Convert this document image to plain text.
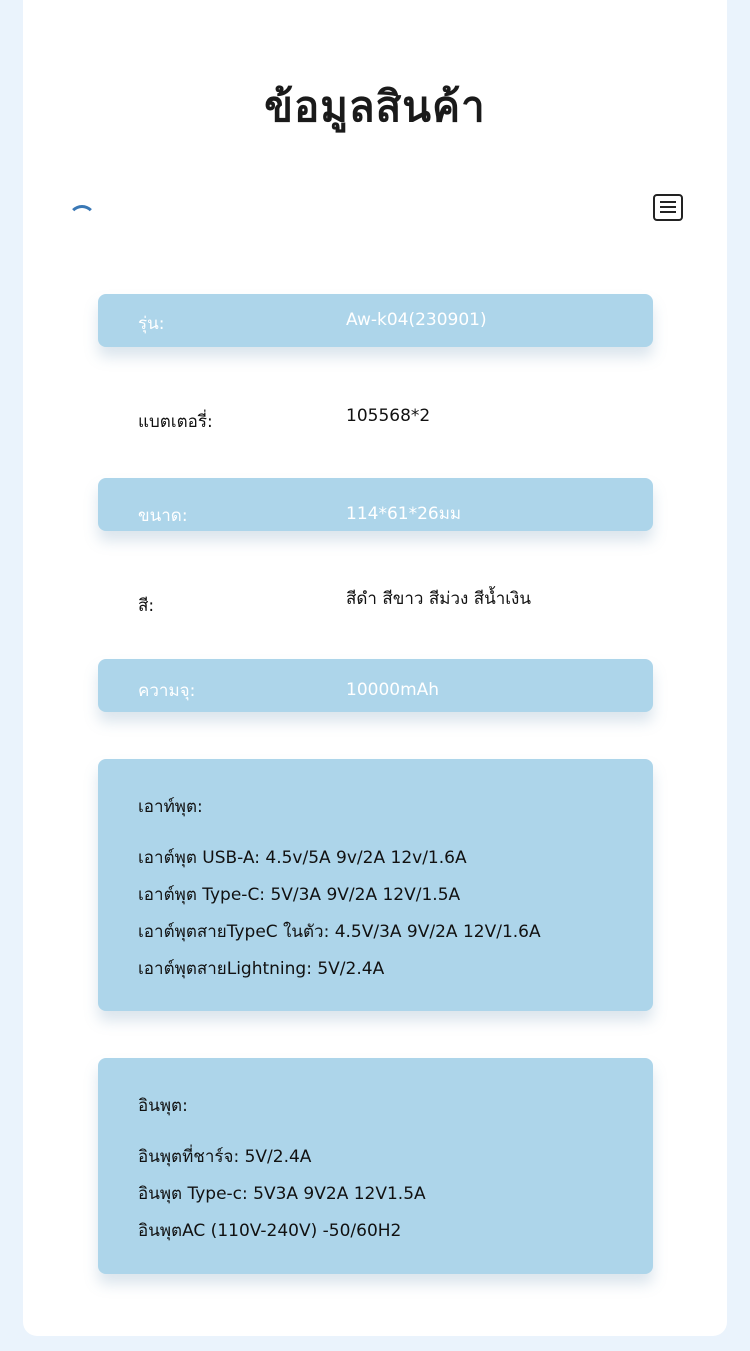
ข้อมูลสินค้า
รุ่น:	Aw-k04(230901)
แบตเตอรี่:	105568*2
ขนาด:	114*61*26มม
สี:	สีดำ สีขาว สีม่วง สีน้ำเงิน
ความจุ:	10000mAh
เอาท์พุต:
เอาต์พุต USB-A: 4.5v/5A 9v/2A 12v/1.6A
เอาต์พุต Type-C: 5V/3A 9V/2A 12V/1.5A
เอาต์พุตสายTypeC ในตัว: 4.5V/3A 9V/2A 12V/1.6A
เอาต์พุตสายLightning: 5V/2.4A
อินพุต:
อินพุตที่ชาร์จ: 5V/2.4A
อินพุต Type-c: 5V3A 9V2A 12V1.5A
อินพุตAC (110V-240V) -50/60H2
